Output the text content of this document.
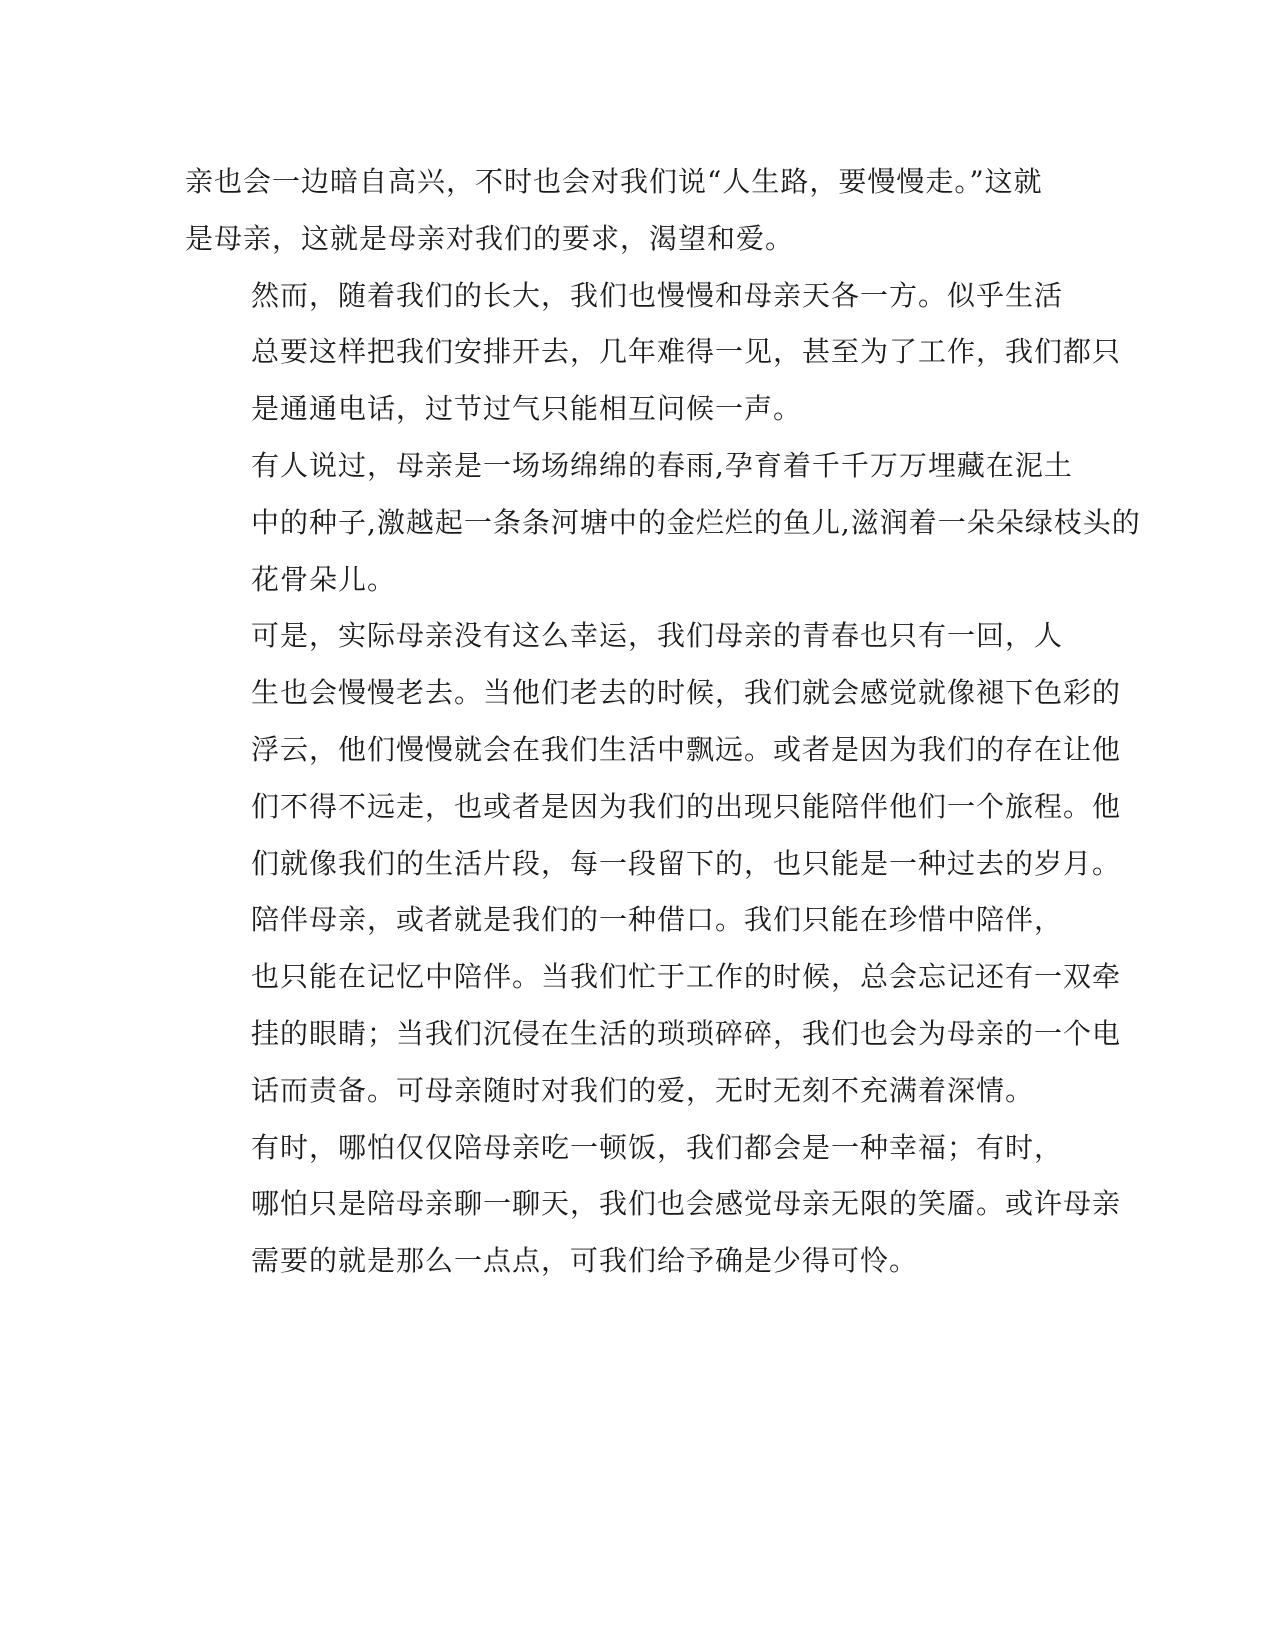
亲也会一边暗自高兴，不时也会对我们说“人生路，要慢慢走。”这就
是母亲，这就是母亲对我们的要求，渴望和爱。

然而，随着我们的长大，我们也慢慢和母亲天各一方。似乎生活
总要这样把我们安排开去，几年难得一见，甚至为了工作，我们都只
是通通电话，过节过气只能相互问候一声。

有人说过，母亲是一场场绵绵的春雨,孕育着千千万万埋藏在泥土
中的种子,激越起一条条河塘中的金烂烂的鱼儿,滋润着一朵朵绿枝头的
花骨朵儿。

可是，实际母亲没有这么幸运，我们母亲的青春也只有一回，人
生也会慢慢老去。当他们老去的时候，我们就会感觉就像褪下色彩的
浮云，他们慢慢就会在我们生活中飘远。或者是因为我们的存在让他
们不得不远走，也或者是因为我们的出现只能陪伴他们一个旅程。他
们就像我们的生活片段，每一段留下的，也只能是一种过去的岁月。

陪伴母亲，或者就是我们的一种借口。我们只能在珍惜中陪伴，
也只能在记忆中陪伴。当我们忙于工作的时候，总会忘记还有一双牵
挂的眼睛；当我们沉侵在生活的琐琐碎碎，我们也会为母亲的一个电
话而责备。可母亲随时对我们的爱，无时无刻不充满着深情。

有时，哪怕仅仅陪母亲吃一顿饭，我们都会是一种幸福；有时，
哪怕只是陪母亲聊一聊天，我们也会感觉母亲无限的笑靥。或许母亲
需要的就是那么一点点，可我们给予确是少得可怜。
